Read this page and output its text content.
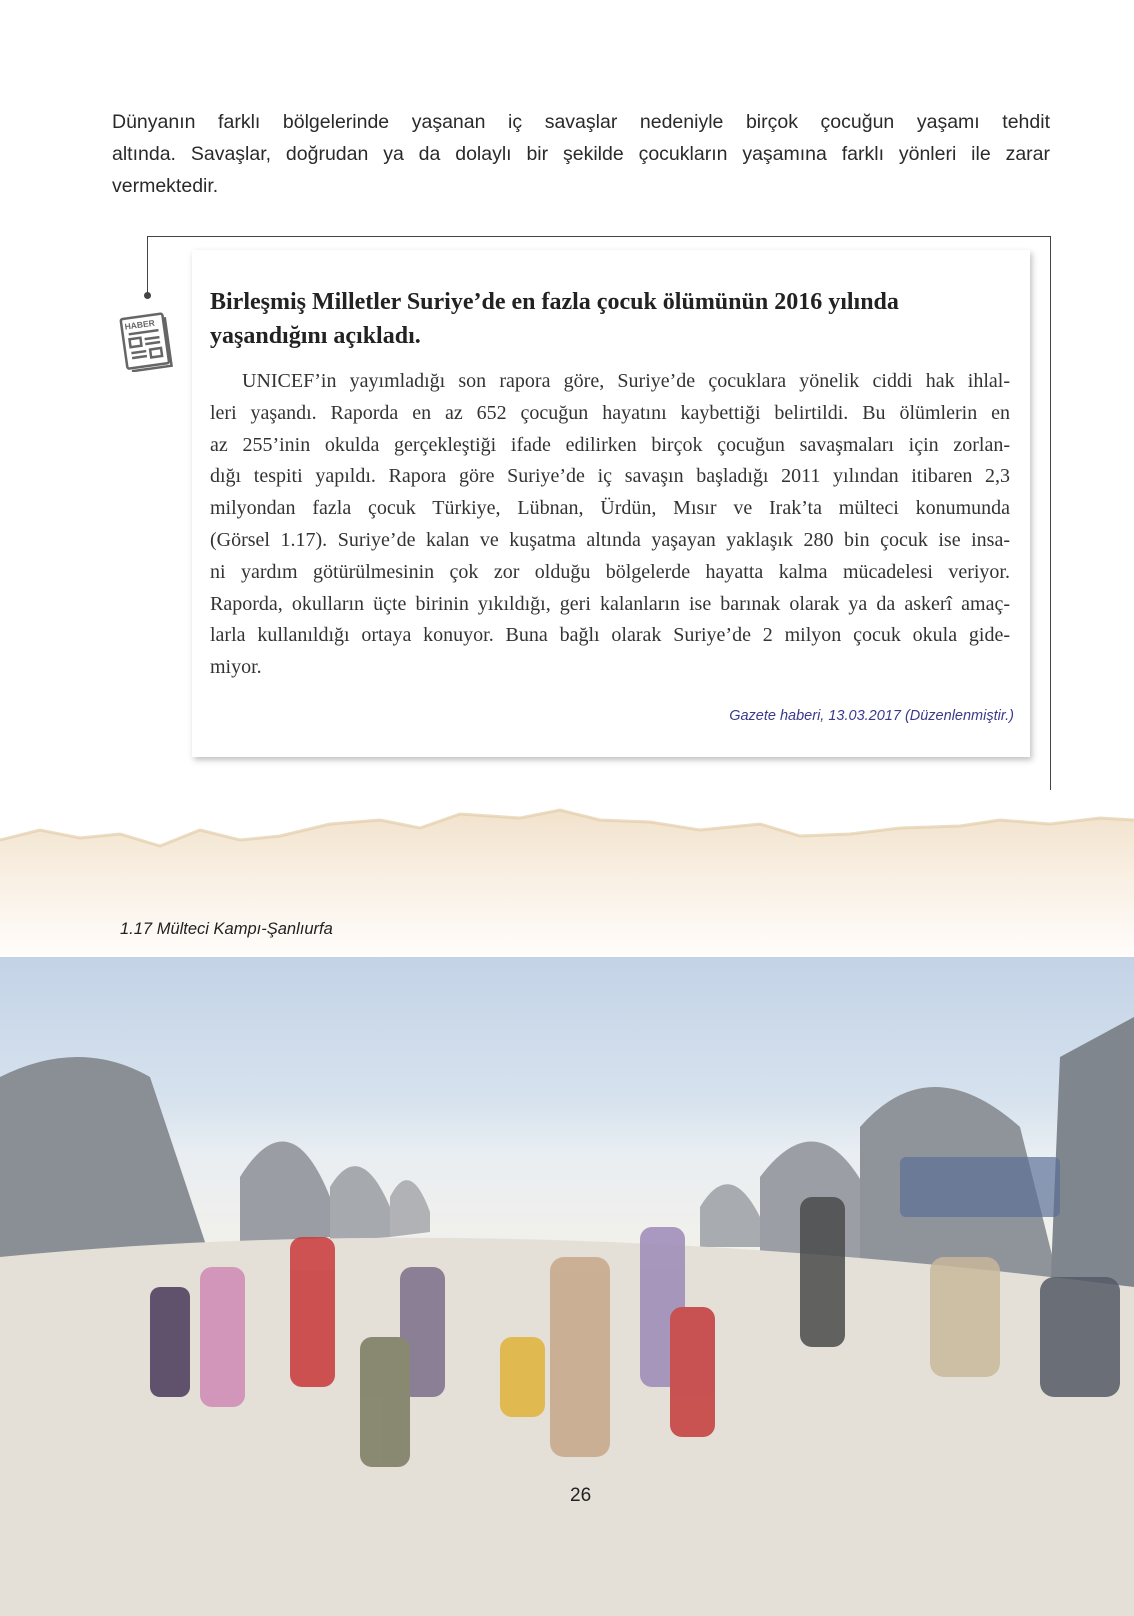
Dünyanın farklı bölgelerinde yaşanan iç savaşlar nedeniyle birçok çocuğun yaşamı tehdit
altında. Savaşlar, doğrudan ya da dolaylı bir şekilde çocukların yaşamına farklı yönleri ile zarar
vermektedir.
HABER
Birleşmiş Milletler Suriye’de en fazla çocuk ölümünün 2016 yılında
yaşandığını açıkladı.
UNICEF’in yayımladığı son rapora göre, Suriye’de çocuklara yönelik ciddi hak ihlal-
leri yaşandı. Raporda en az 652 çocuğun hayatını kaybettiği belirtildi. Bu ölümlerin en
az 255’inin okulda gerçekleştiği ifade edilirken birçok çocuğun savaşmaları için zorlan-
dığı tespiti yapıldı. Rapora göre Suriye’de iç savaşın başladığı 2011 yılından itibaren 2,3
milyondan fazla çocuk Türkiye, Lübnan, Ürdün, Mısır ve Irak’ta mülteci konumunda
(Görsel 1.17). Suriye’de kalan ve kuşatma altında yaşayan yaklaşık 280 bin çocuk ise insa-
ni yardım götürülmesinin çok zor olduğu bölgelerde hayatta kalma mücadelesi veriyor.
Raporda, okulların üçte birinin yıkıldığı, geri kalanların ise barınak olarak ya da askerî amaç-
larla kullanıldığı ortaya konuyor. Buna bağlı olarak Suriye’de 2 milyon çocuk okula gide-
miyor.
Gazete haberi, 13.03.2017 (Düzenlenmiştir.)
1.17 Mülteci Kampı-Şanlıurfa
26
